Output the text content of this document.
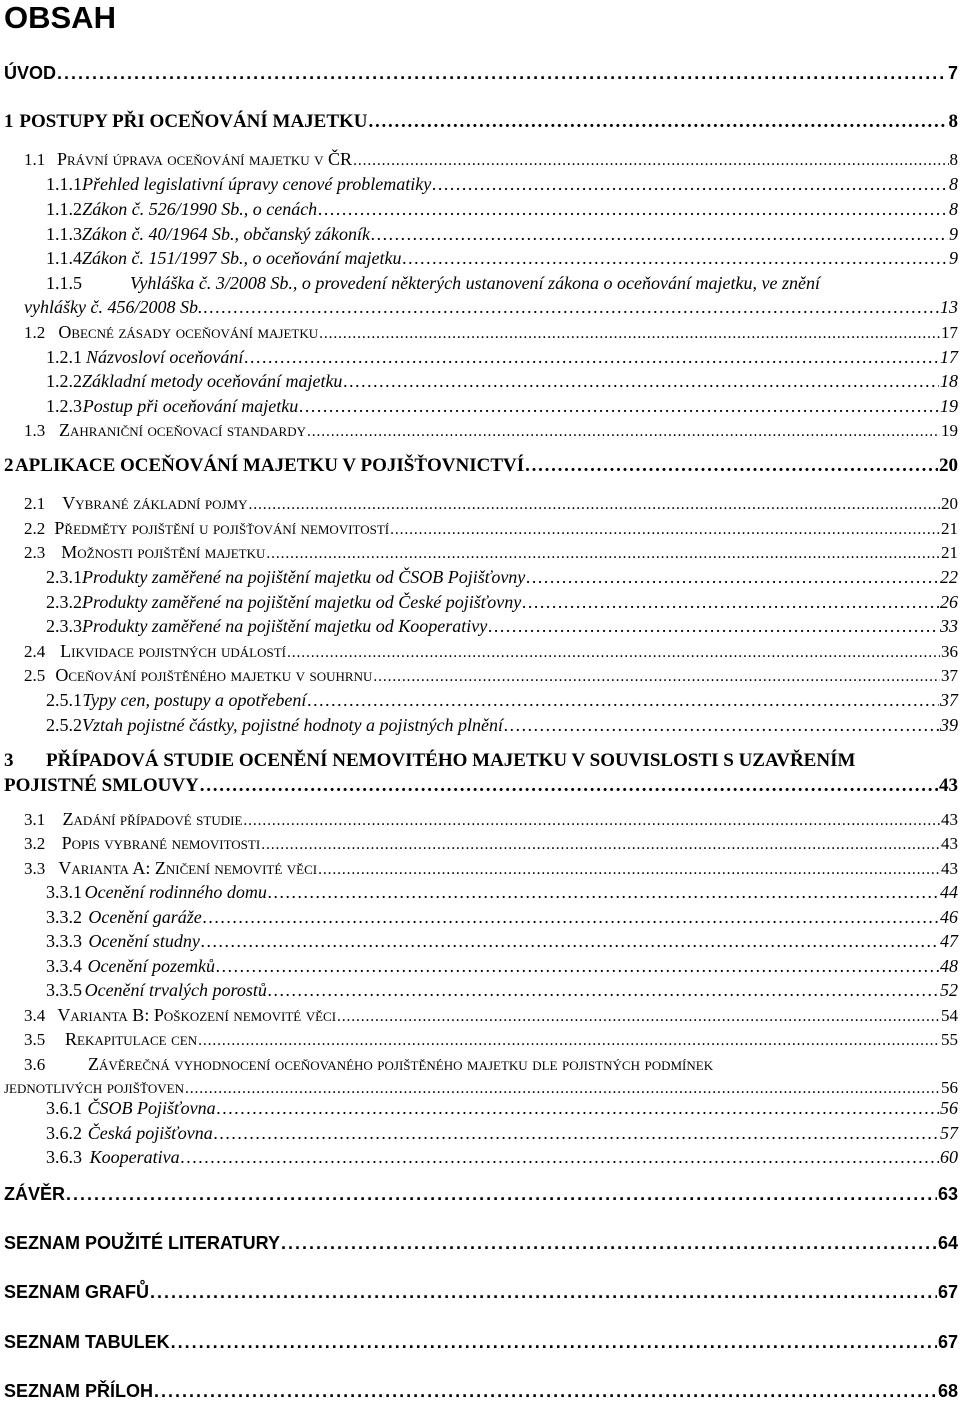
OBSAH
ÚVOD . . .	7
1 POSTUPY PŘI OCEŇOVÁNÍ MAJETKU . . .	8
1.1 Právní úprava oceňování majetku v ČR . . .	8
1.1.1 Přehled legislativní úpravy cenové problematiky . . .	8
1.1.2 Zákon č. 526/1990 Sb., o cenách . . .	8
1.1.3 Zákon č. 40/1964 Sb., občanský zákoník . . .	9
1.1.4 Zákon č. 151/1997 Sb., o oceňování majetku . . .	9
1.1.5	Vyhláška č. 3/2008 Sb., o provedení některých ustanovení zákona o oceňování majetku, ve znění
vyhlášky č. 456/2008 Sb. . . .	13
1.2 Obecné zásady oceňování majetku . . .	17
1.2.1 Názvosloví oceňování . . .	17
1.2.2 Základní metody oceňování majetku . . .	18
1.2.3 Postup při oceňování majetku . . .	19
1.3 Zahraniční oceňovací standardy . . .	19
2 APLIKACE OCEŇOVÁNÍ MAJETKU V POJIŠŤOVNICTVÍ . . .	20
2.1 Vybrané základní pojmy . . .	20
2.2 Předměty pojištění u pojišťování nemovitostí . . .	21
2.3 Možnosti pojištění majetku . . .	21
2.3.1 Produkty zaměřené na pojištění majetku od ČSOB Pojišťovny . . .	22
2.3.2 Produkty zaměřené na pojištění majetku od České pojišťovny . . .	26
2.3.3 Produkty zaměřené na pojištění majetku od Kooperativy . . .	33
2.4 Likvidace pojistných událostí . . .	36
2.5 Oceňování pojištěného majetku v souhrnu . . .	37
2.5.1 Typy cen, postupy a opotřebení . . .	37
2.5.2 Vztah pojistné částky, pojistné hodnoty a pojistných plnění . . .	39
3	PŘÍPADOVÁ STUDIE OCENĚNÍ NEMOVITÉHO MAJETKU V SOUVISLOSTI S UZAVŘENÍM
POJISTNÉ SMLOUVY . . .	43
3.1 Zadání případové studie . . .	43
3.2 Popis vybrané nemovitosti . . .	43
3.3 Varianta A: Zničení nemovité věci . . .	43
3.3.1 Ocenění rodinného domu . . .	44
3.3.2 Ocenění garáže . . .	46
3.3.3 Ocenění studny . . .	47
3.3.4 Ocenění pozemků . . .	48
3.3.5 Ocenění trvalých porostů . . .	52
3.4 Varianta B: Poškození nemovité věci . . .	54
3.5	Rekapitulace cen . . .	55
3.6	Závěrečná vyhodnocení oceňovaného pojištěného majetku dle pojistných podmínek
jednotlivých pojišťoven . . .	56
3.6.1 ČSOB Pojišťovna . . .	56
3.6.2 Česká pojišťovna . . .	57
3.6.3 Kooperativa . . .	60
ZÁVĚR . . .	63
SEZNAM POUŽITÉ LITERATURY . . .	64
SEZNAM GRAFŮ . . .	67
SEZNAM TABULEK . . .	67
SEZNAM PŘÍLOH . . .	68
